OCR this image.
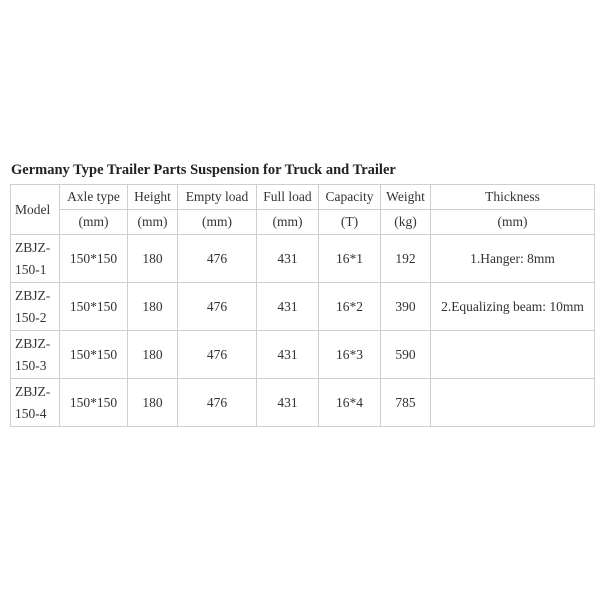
Germany Type Trailer Parts Suspension for Truck and Trailer
Model	Axle type	Height	Empty load	Full load	Capacity	Weight	Thickness
	(mm)	(mm)	(mm)	(mm)	(T)	(kg)	(mm)
ZBJZ-
150-1	150*150	180	476	431	16*1	192	1.Hanger: 8mm
ZBJZ-
150-2	150*150	180	476	431	16*2	390	2.Equalizing beam: 10mm
ZBJZ-
150-3	150*150	180	476	431	16*3	590	
ZBJZ-
150-4	150*150	180	476	431	16*4	785	
